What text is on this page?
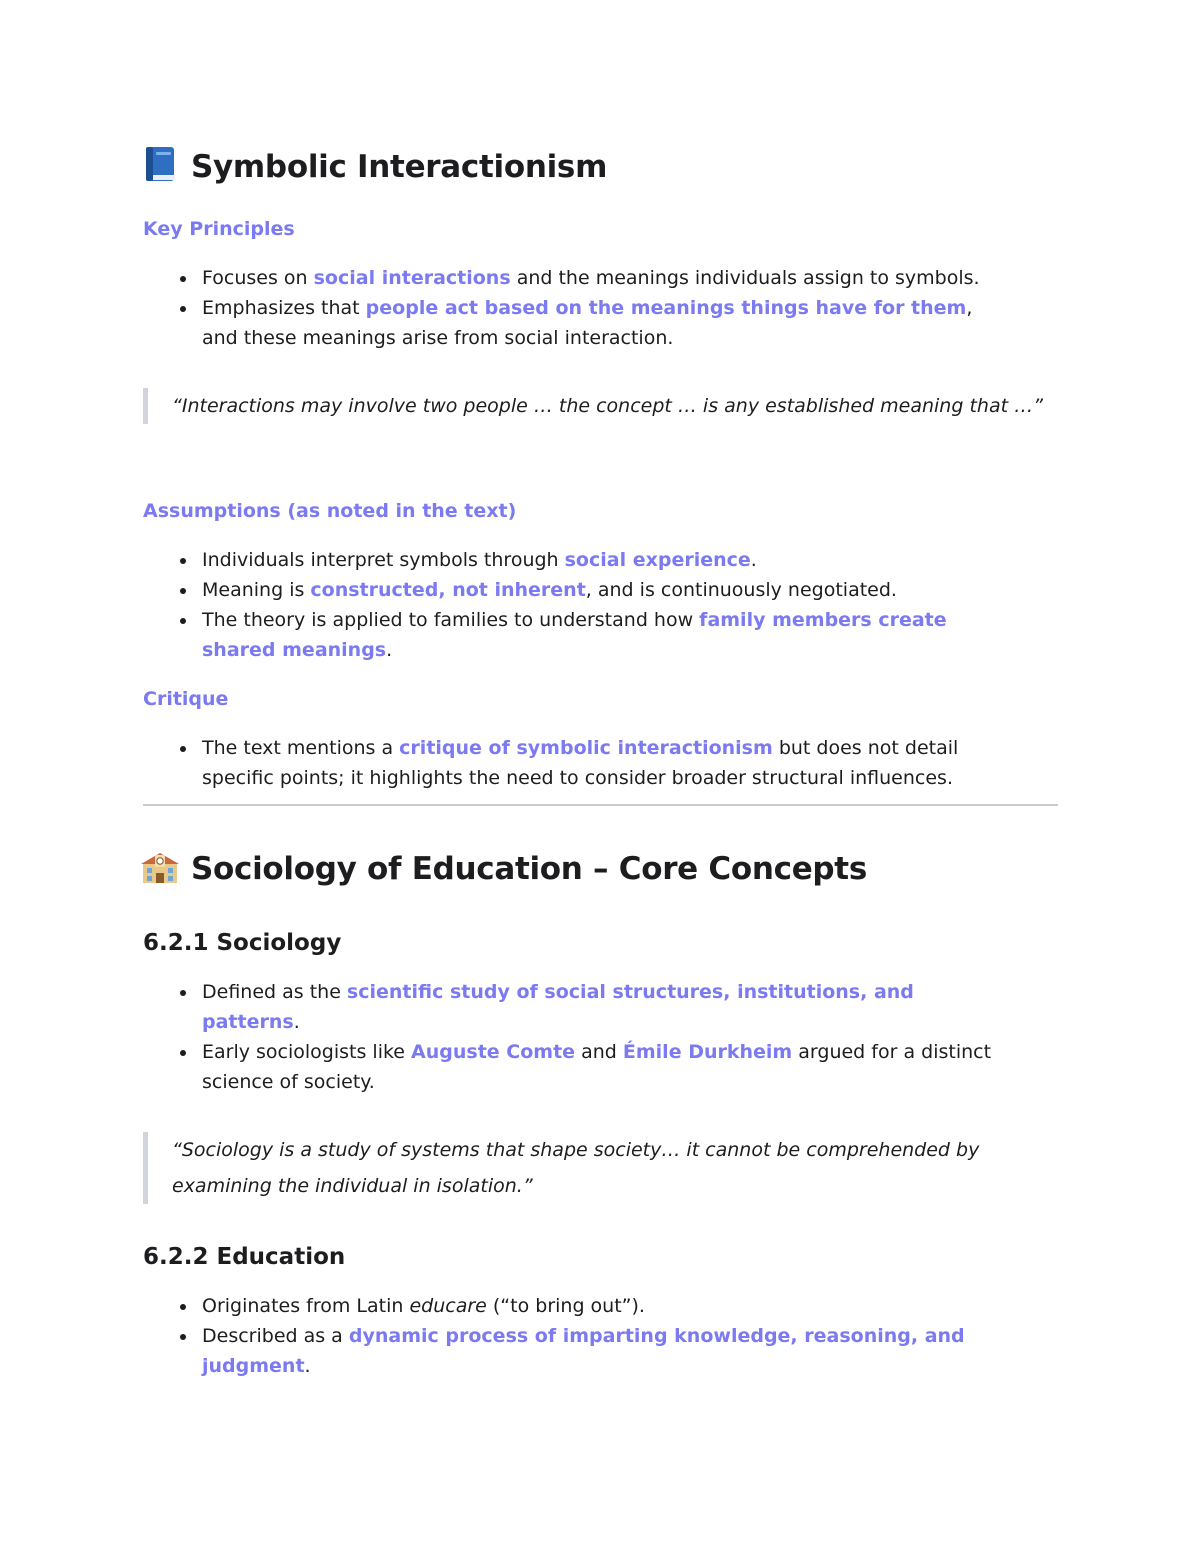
Symbolic Interactionism
Key Principles
Focuses on social interactions and the meanings individuals assign to symbols.
Emphasizes that people act based on the meanings things have for them, and these meanings arise from social interaction.
“Interactions may involve two people … the concept … is any established meaning that …”
Assumptions (as noted in the text)
Individuals interpret symbols through social experience.
Meaning is constructed, not inherent, and is continuously negotiated.
The theory is applied to families to understand how family members create shared meanings.
Critique
The text mentions a critique of symbolic interactionism but does not detail specific points; it highlights the need to consider broader structural influences.
Sociology of Education – Core Concepts
6.2.1 Sociology
Defined as the scientific study of social structures, institutions, and patterns.
Early sociologists like Auguste Comte and Émile Durkheim argued for a distinct science of society.
“Sociology is a study of systems that shape society… it cannot be comprehended by examining the individual in isolation.”
6.2.2 Education
Originates from Latin educare (“to bring out”).
Described as a dynamic process of imparting knowledge, reasoning, and judgment.
